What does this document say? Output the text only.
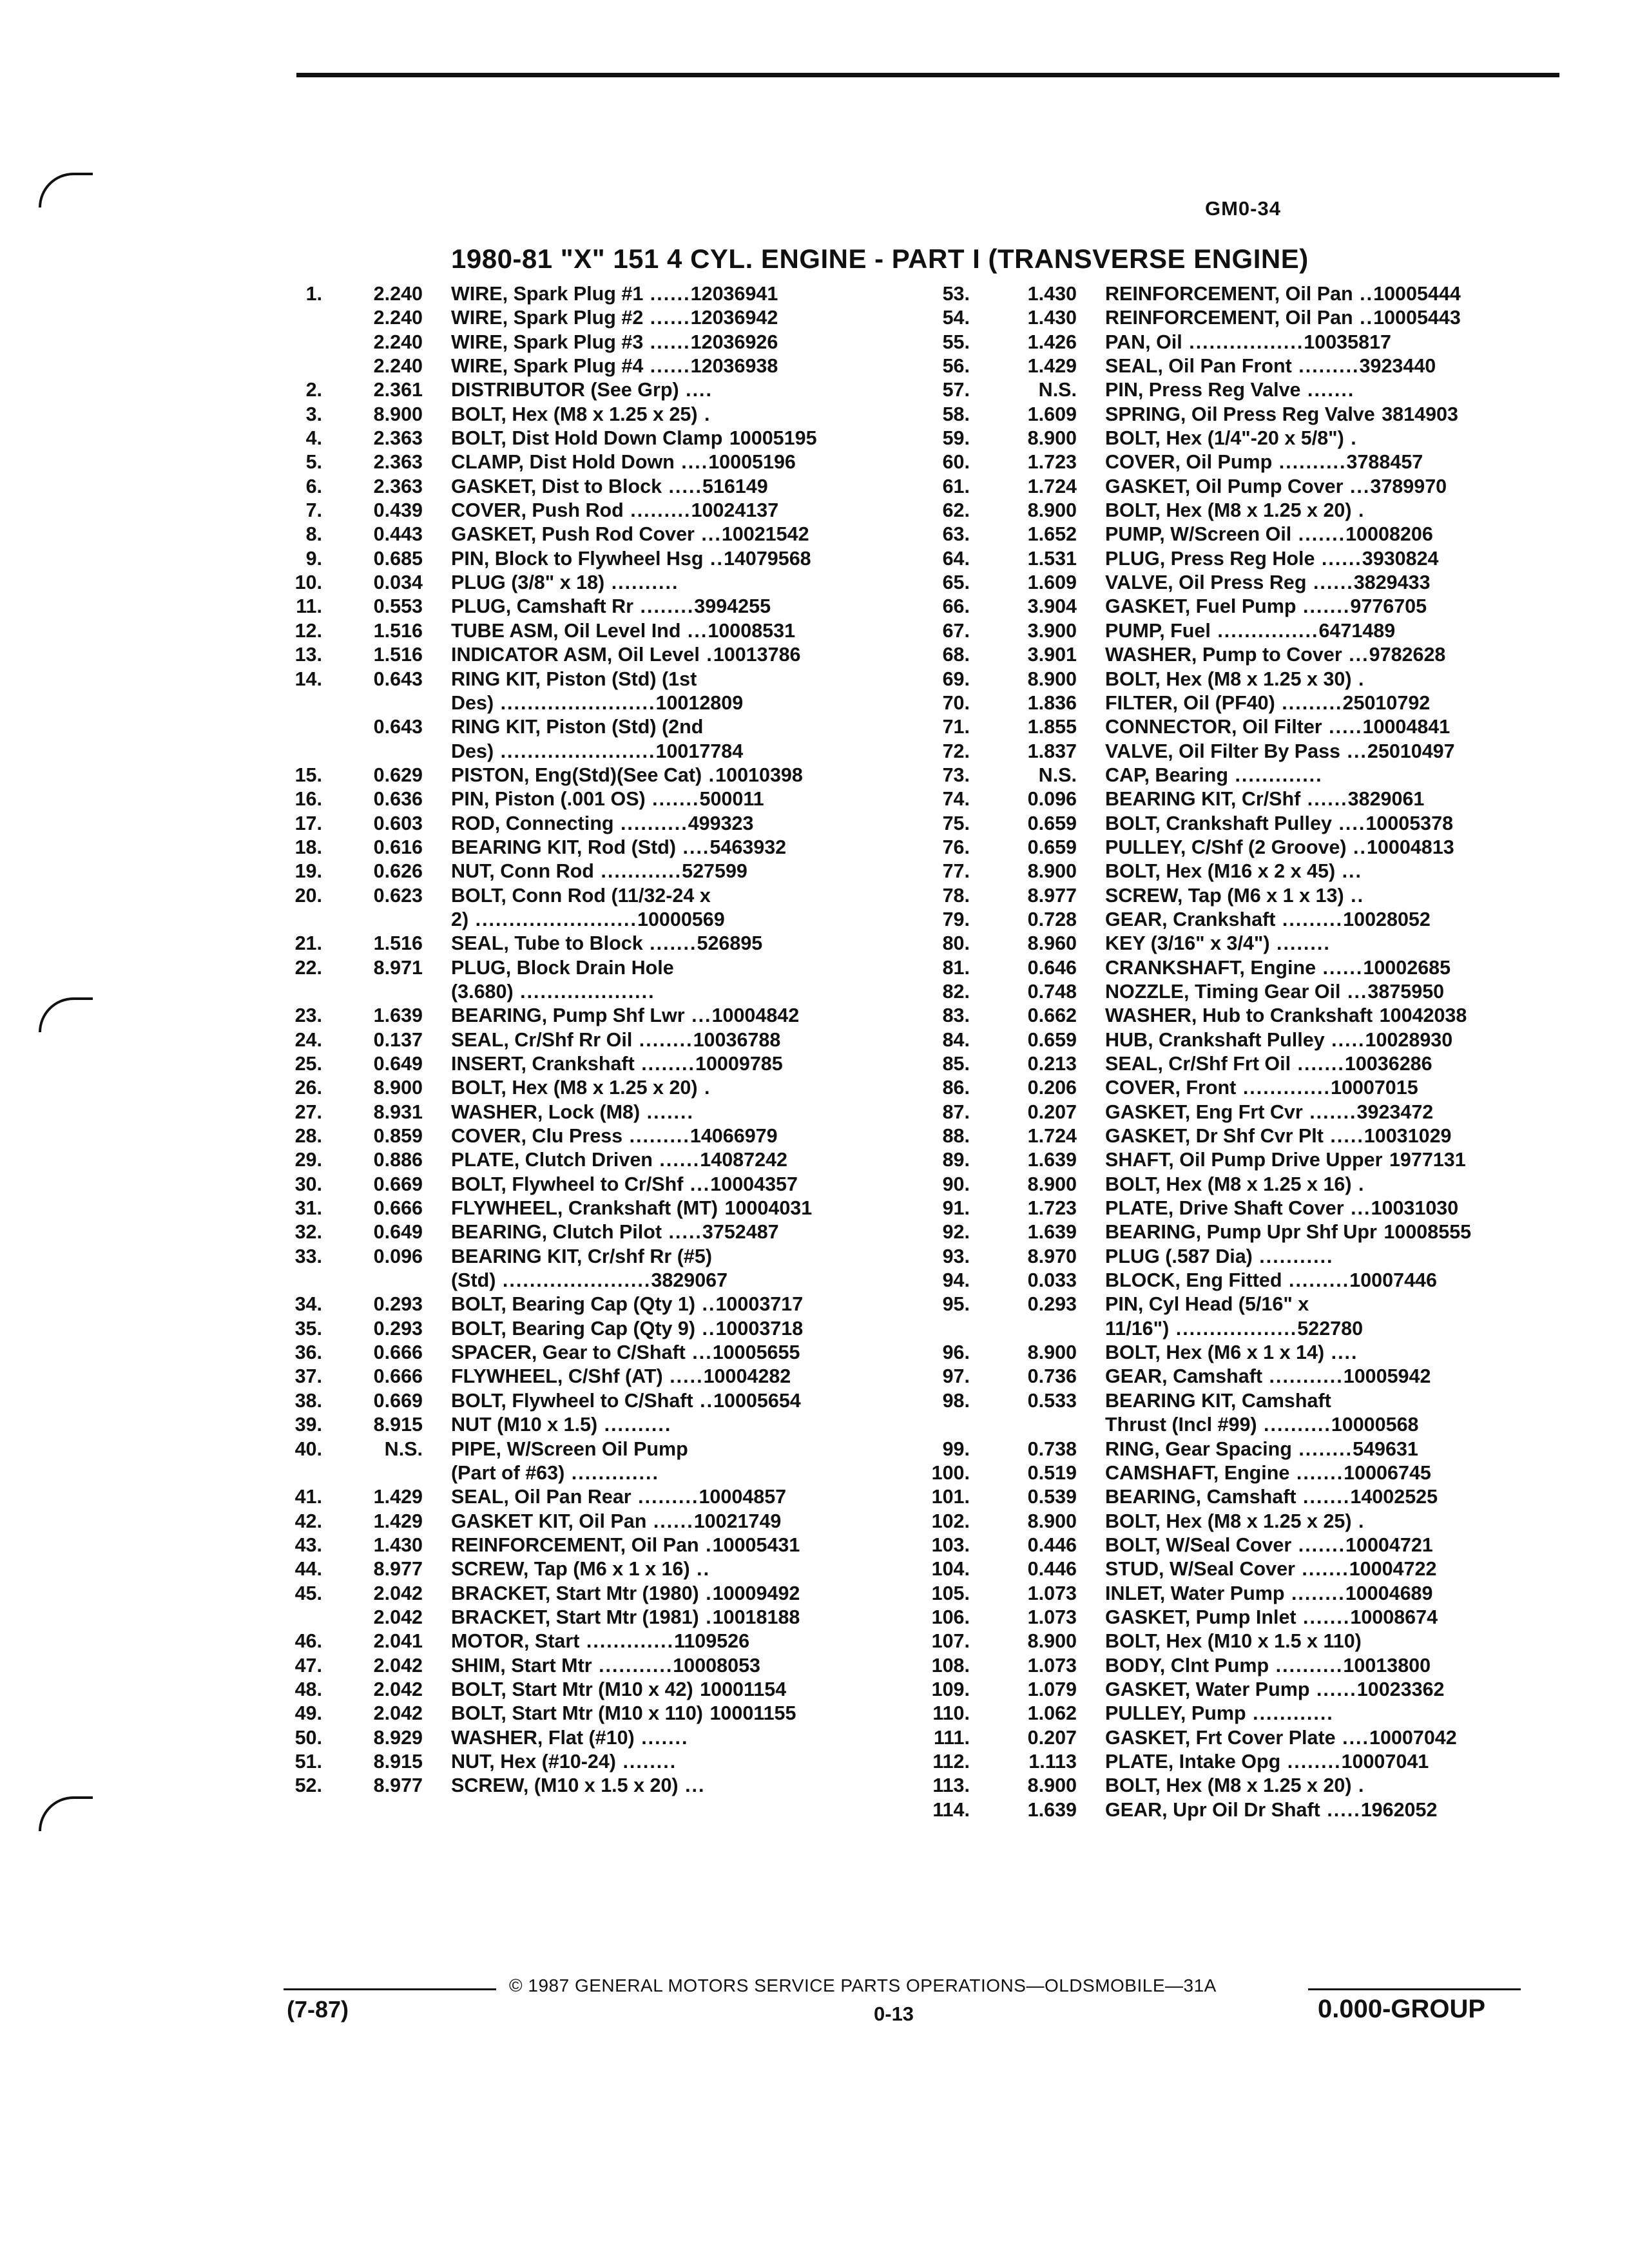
GM0-34
1980-81 "X" 151 4 CYL. ENGINE - PART I (TRANSVERSE ENGINE)
1.	2.240 WIRE, Spark Plug #1 ......12036941
2.240 WIRE, Spark Plug #2 ......12036942
2.240 WIRE, Spark Plug #3 ......12036926
2.240 WIRE, Spark Plug #4 ......12036938
2.	2.361 DISTRIBUTOR (See Grp) ....
3.	8.900 BOLT, Hex (M8 x 1.25 x 25) .
4.	2.363 BOLT, Dist Hold Down Clamp 10005195
5.	2.363 CLAMP, Dist Hold Down ....10005196
6.	2.363 GASKET, Dist to Block .....516149
7.	0.439 COVER, Push Rod .........10024137
8.	0.443 GASKET, Push Rod Cover ...10021542
9.	0.685 PIN, Block to Flywheel Hsg ..14079568
10.	0.034 PLUG (3/8" x 18) ..........
11.	0.553 PLUG, Camshaft Rr ........3994255
12.	1.516 TUBE ASM, Oil Level Ind ...10008531
13.	1.516 INDICATOR ASM, Oil Level .10013786
14.	0.643 RING KIT, Piston (Std) (1st
Des) .......................10012809
0.643 RING KIT, Piston (Std) (2nd
Des) .......................10017784
15.	0.629 PISTON, Eng(Std)(See Cat) .10010398
16.	0.636 PIN, Piston (.001 OS) .......500011
17.	0.603 ROD, Connecting ..........499323
18.	0.616 BEARING KIT, Rod (Std) ....5463932
19.	0.626 NUT, Conn Rod ............527599
20.	0.623 BOLT, Conn Rod (11/32-24 x
2) ........................10000569
21.	1.516 SEAL, Tube to Block .......526895
22.	8.971 PLUG, Block Drain Hole
(3.680) ....................
23.	1.639 BEARING, Pump Shf Lwr ...10004842
24.	0.137 SEAL, Cr/Shf Rr Oil ........10036788
25.	0.649 INSERT, Crankshaft ........10009785
26.	8.900 BOLT, Hex (M8 x 1.25 x 20) .
27.	8.931 WASHER, Lock (M8) .......
28.	0.859 COVER, Clu Press .........14066979
29.	0.886 PLATE, Clutch Driven ......14087242
30.	0.669 BOLT, Flywheel to Cr/Shf ...10004357
31.	0.666 FLYWHEEL, Crankshaft (MT) 10004031
32.	0.649 BEARING, Clutch Pilot .....3752487
33.	0.096 BEARING KIT, Cr/shf Rr (#5)
(Std) ......................3829067
34.	0.293 BOLT, Bearing Cap (Qty 1) ..10003717
35.	0.293 BOLT, Bearing Cap (Qty 9) ..10003718
36.	0.666 SPACER, Gear to C/Shaft ...10005655
37.	0.666 FLYWHEEL, C/Shf (AT) .....10004282
38.	0.669 BOLT, Flywheel to C/Shaft ..10005654
39.	8.915 NUT (M10 x 1.5) ..........
40.	N.S. PIPE, W/Screen Oil Pump
(Part of #63) .............
41.	1.429 SEAL, Oil Pan Rear .........10004857
42.	1.429 GASKET KIT, Oil Pan ......10021749
43.	1.430 REINFORCEMENT, Oil Pan .10005431
44.	8.977 SCREW, Tap (M6 x 1 x 16) ..
45.	2.042 BRACKET, Start Mtr (1980) .10009492
2.042 BRACKET, Start Mtr (1981) .10018188
46.	2.041 MOTOR, Start .............1109526
47.	2.042 SHIM, Start Mtr ...........10008053
48.	2.042 BOLT, Start Mtr (M10 x 42) 10001154
49.	2.042 BOLT, Start Mtr (M10 x 110) 10001155
50.	8.929 WASHER, Flat (#10) .......
51.	8.915 NUT, Hex (#10-24) ........
52.	8.977 SCREW, (M10 x 1.5 x 20) ...
53.	1.430 REINFORCEMENT, Oil Pan ..10005444
54.	1.430 REINFORCEMENT, Oil Pan ..10005443
55.	1.426 PAN, Oil .................10035817
56.	1.429 SEAL, Oil Pan Front .........3923440
57.	N.S. PIN, Press Reg Valve .......
58.	1.609 SPRING, Oil Press Reg Valve 3814903
59.	8.900 BOLT, Hex (1/4"-20 x 5/8") .
60.	1.723 COVER, Oil Pump ..........3788457
61.	1.724 GASKET, Oil Pump Cover ...3789970
62.	8.900 BOLT, Hex (M8 x 1.25 x 20) .
63.	1.652 PUMP, W/Screen Oil .......10008206
64.	1.531 PLUG, Press Reg Hole ......3930824
65.	1.609 VALVE, Oil Press Reg ......3829433
66.	3.904 GASKET, Fuel Pump .......9776705
67.	3.900 PUMP, Fuel ...............6471489
68.	3.901 WASHER, Pump to Cover ...9782628
69.	8.900 BOLT, Hex (M8 x 1.25 x 30) .
70.	1.836 FILTER, Oil (PF40) .........25010792
71.	1.855 CONNECTOR, Oil Filter .....10004841
72.	1.837 VALVE, Oil Filter By Pass ...25010497
73.	N.S. CAP, Bearing .............
74.	0.096 BEARING KIT, Cr/Shf ......3829061
75.	0.659 BOLT, Crankshaft Pulley ....10005378
76.	0.659 PULLEY, C/Shf (2 Groove) ..10004813
77.	8.900 BOLT, Hex (M16 x 2 x 45) ...
78.	8.977 SCREW, Tap (M6 x 1 x 13) ..
79.	0.728 GEAR, Crankshaft .........10028052
80.	8.960 KEY (3/16" x 3/4") ........
81.	0.646 CRANKSHAFT, Engine ......10002685
82.	0.748 NOZZLE, Timing Gear Oil ...3875950
83.	0.662 WASHER, Hub to Crankshaft 10042038
84.	0.659 HUB, Crankshaft Pulley .....10028930
85.	0.213 SEAL, Cr/Shf Frt Oil .......10036286
86.	0.206 COVER, Front .............10007015
87.	0.207 GASKET, Eng Frt Cvr .......3923472
88.	1.724 GASKET, Dr Shf Cvr Plt .....10031029
89.	1.639 SHAFT, Oil Pump Drive Upper 1977131
90.	8.900 BOLT, Hex (M8 x 1.25 x 16) .
91.	1.723 PLATE, Drive Shaft Cover ...10031030
92.	1.639 BEARING, Pump Upr Shf Upr 10008555
93.	8.970 PLUG (.587 Dia) ...........
94.	0.033 BLOCK, Eng Fitted .........10007446
95.	0.293 PIN, Cyl Head (5/16" x
11/16") ..................522780
96.	8.900 BOLT, Hex (M6 x 1 x 14) ....
97.	0.736 GEAR, Camshaft ...........10005942
98.	0.533 BEARING KIT, Camshaft
Thrust (Incl #99) ..........10000568
99.	0.738 RING, Gear Spacing ........549631
100.	0.519 CAMSHAFT, Engine .......10006745
101.	0.539 BEARING, Camshaft .......14002525
102.	8.900 BOLT, Hex (M8 x 1.25 x 25) .
103.	0.446 BOLT, W/Seal Cover .......10004721
104.	0.446 STUD, W/Seal Cover .......10004722
105.	1.073 INLET, Water Pump ........10004689
106.	1.073 GASKET, Pump Inlet .......10008674
107.	8.900 BOLT, Hex (M10 x 1.5 x 110)
108.	1.073 BODY, Clnt Pump ..........10013800
109.	1.079 GASKET, Water Pump ......10023362
110.	1.062 PULLEY, Pump ............
111.	0.207 GASKET, Frt Cover Plate ....10007042
112.	1.113 PLATE, Intake Opg ........10007041
113.	8.900 BOLT, Hex (M8 x 1.25 x 20) .
114.	1.639 GEAR, Upr Oil Dr Shaft .....1962052
© 1987 GENERAL MOTORS SERVICE PARTS OPERATIONS—OLDSMOBILE—31A
(7-87)	0-13	0.000-GROUP
